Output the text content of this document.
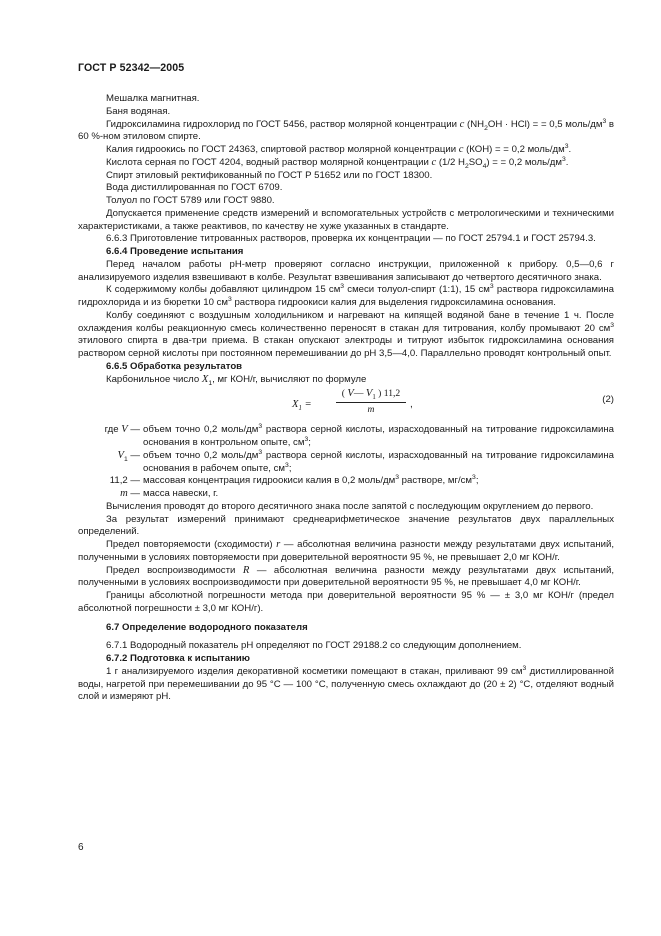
ГОСТ Р 52342—2005

Мешалка магнитная.

Баня водяная.

Гидроксиламина гидрохлорид по ГОСТ 5456, раствор молярной концентрации c $(NH_2OH \cdot HCl)$ = = 0,5 моль/$дм^3$ в 60 %-ном этиловом спирте.

Калия гидроокись по ГОСТ 24363, спиртовой раствор молярной концентрации c (КОН) = = 0,2 моль/$дм^3$.

Кислота серная по ГОСТ 4204, водный раствор молярной концентрации c (1/2 $H_2SO_4$) = = 0,2 моль/$дм^3$.

Спирт этиловый ректификованный по ГОСТ Р 51652 или по ГОСТ 18300.

Вода дистиллированная по ГОСТ 6709.

Толуол по ГОСТ 5789 или ГОСТ 9880.

Допускается применение средств измерений и вспомогательных устройств с метрологическими и техническими характеристиками, а также реактивов, по качеству не хуже указанных в стандарте.

6.6.3 Приготовление титрованных растворов, проверка их концентрации — по ГОСТ 25794.1 и ГОСТ 25794.3.

6.6.4 Проведение испытания

Перед началом работы pH-метр проверяют согласно инструкции, приложенной к прибору. 0,5—0,6 г анализируемого изделия взвешивают в колбе. Результат взвешивания записывают до четвертого десятичного знака.

К содержимому колбы добавляют цилиндром 15 $см^3$ смеси толуол-спирт (1:1), 15 $см^3$ раствора гидроксиламина гидрохлорида и из бюретки 10 $см^3$ раствора гидроокиси калия для выделения гидроксиламина основания.

Колбу соединяют с воздушным холодильником и нагревают на кипящей водяной бане в течение 1 ч. После охлаждения колбы реакционную смесь количественно переносят в стакан для титрования, колбу промывают 20 $см^3$ этилового спирта в два-три приема. В стакан опускают электроды и титруют избыток гидроксиламина основания раствором серной кислоты при постоянном перемешивании до pH 3,5—4,0. Параллельно проводят контрольный опыт.

6.6.5 Обработка результатов

Карбонильное число $X_1$, мг КОН/г, вычисляют по формуле

$X_1$ =	$\frac{( V— V_1 ) 11,2}{m}$ ,	(2)
где V — объем точно 0,2 моль/$дм^3$ раствора серной кислоты, израсходованный на титрование гидроксиламина основания в контрольном опыте, $см^3$;
$V_1$ — объем точно 0,2 моль/$дм^3$ раствора серной кислоты, израсходованный на титрование гидроксиламина основания в рабочем опыте, $см^3$;
11,2 — массовая концентрация гидроокиси калия в 0,2 моль/$дм^3$ растворе, $мг/см^3$;
m — масса навески, г.

Вычисления проводят до второго десятичного знака после запятой с последующим округлением до первого.

За результат измерений принимают среднеарифметическое значение результатов двух параллельных определений.

Предел повторяемости (сходимости) r — абсолютная величина разности между результатами двух испытаний, полученными в условиях повторяемости при доверительной вероятности 95 %, не превышает 2,0 мг КОН/г.

Предел воспроизводимости R — абсолютная величина разности между результатами двух испытаний, полученными в условиях воспроизводимости при доверительной вероятности 95 %, не превышает 4,0 мг КОН/г.

Границы абсолютной погрешности метода при доверительной вероятности 95 % — ± 3,0 мг КОН/г (предел абсолютной погрешности ± 3,0 мг КОН/г).

6.7 Определение водородного показателя

6.7.1 Водородный показатель pH определяют по ГОСТ 29188.2 со следующим дополнением.

6.7.2 Подготовка к испытанию

1 г анализируемого изделия декоративной косметики помещают в стакан, приливают 99 $см^3$ дистиллированной воды, нагретой при перемешивании до 95 °С — 100 °С, полученную смесь охлаждают до (20 ± 2) °С, отделяют водный слой и измеряют pH.

6
